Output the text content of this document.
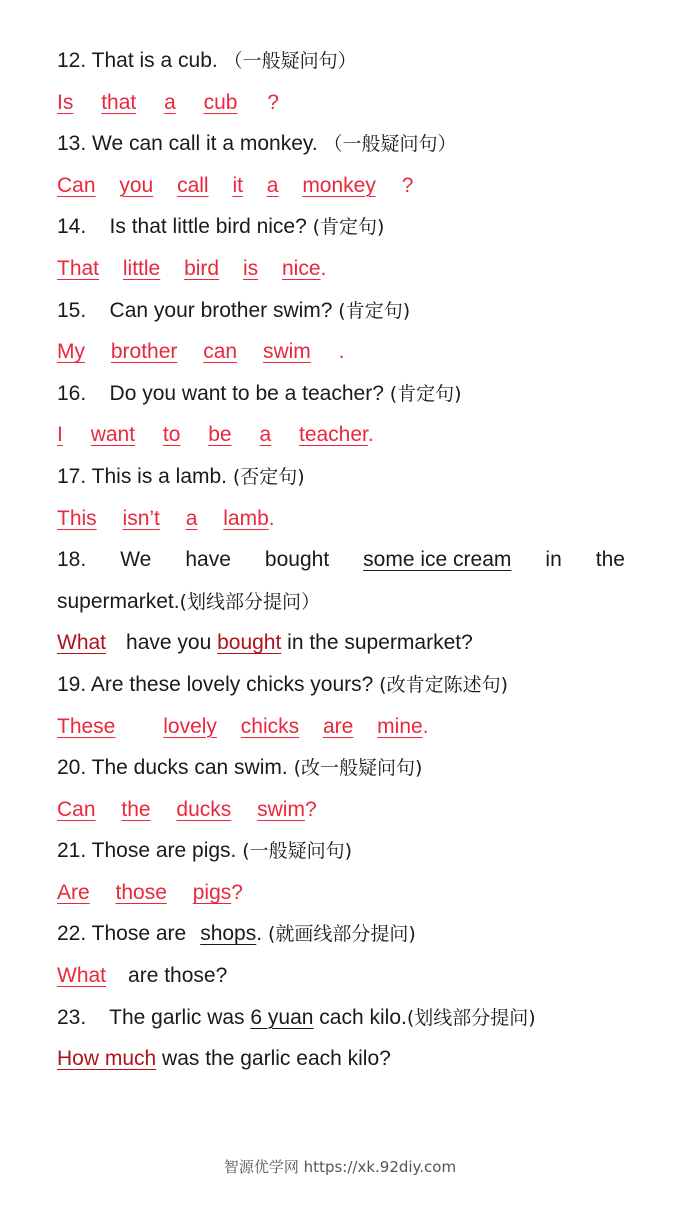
12. That is a cub. （一般疑问句）
Is that a cub ?
13. We can call it a monkey. （一般疑问句）
Can you call it a monkey ?
14.    Is that little bird nice? (肯定句)
That little bird is nice.
15.    Can your brother swim? (肯定句)
My brother can swim .
16.    Do you want to be a teacher? (肯定句)
I want to be a teacher.
17. This is a lamb. (否定句)
This isn’t a lamb.
18. We have bought some ice cream in the
supermarket.(划线部分提问）
What have you bought in the supermarket?
19. Are these lovely chicks yours? (改肯定陈述句)
These lovely chicks are mine.
20. The ducks can swim. (改一般疑问句)
Can the ducks swim?
21. Those are pigs. (一般疑问句)
Are those pigs?
22. Those are shops. (就画线部分提问)
What are those?
23.    The garlic was 6 yuan cach kilo.(划线部分提问)
How much was the garlic each kilo?
智源优学网 https://xk.92diy.com
